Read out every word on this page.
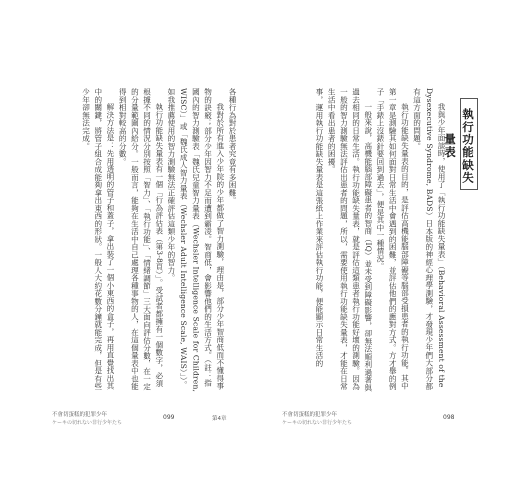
各種行為對於患者究竟有多困難。

我對於所有進入少年院的少年都做了智力測驗，理由是，部分少年智商低而不懂得事物的訣竅；部分少年因智力不足而遭到霸凌。智商低，會影響他們的生活方式。（註：指國內的智力測驗表「魏氏兒童智力量表（Wechsler Intelligence Scale for Children, WISC）」或「魏氏成人智力量表（Wechsler Adult Intelligence Scale, WAIS）」）。如我推薦使用的智力測驗無法正確評估這類少年的智力。

執行功能缺失量表有一個「行為評估表（第3-8頁）」。受試者都擁有一個數字，必須根據不同的情況分別按照「智力」、「執行功能」、「情緒調節」三大面向評估分數，在一定的分量範圍內給分。一般而言，能夠在生活中自己處理各種事物的人，在這個量表中也能得到相對較高的分數。

解決方法是：先用透明的管子和蓋子，拿出裝了一個小東西的盒子，再用直覺找出其中的關鍵，將管子組合成能夠拿出東西的形狀。一般人大約花數分鐘就能完成，但是有些少年卻無法完成。

不會切蛋糕的犯罪少年
ケーキの切れない非行少年たち
099	第4章
執行功能缺失量表

我與少年面談時，使用了「執行功能缺失量表」（Behavioral Assessment of the Dysexecutive Syndrome, BADS）日本版的神經心理學測驗，才發現少年們大部分都有這方面的問題。

執行功能缺失量表的目的，是評估高機能腦部障礙等腦部受損患者的執行功能。其中第一章是測驗其如何面對日常生活中會遇到的困難，並評估他們的應對方式。方才舉的例子「手錶上沒錶針要回到過去」，便是其中一種情況。

一般來說，高機能腦部障礙患者的智商（IQ）並未受到障礙影響，卻無法順利過著與過去相同的日常生活。執行功能缺失量表，就是評估這類患者執行功能好壞的測驗。因為一般的智力測驗無法評估出患者的問題，所以，需要使用執行功能缺失量表，才能在日常生活中看出患者的困擾。

事，運用執行功能缺失量表是這張紙上作業來評估執行功能，便能顯示日常生活的

不會切蛋糕的犯罪少年
ケーキの切れない非行少年たち
098
